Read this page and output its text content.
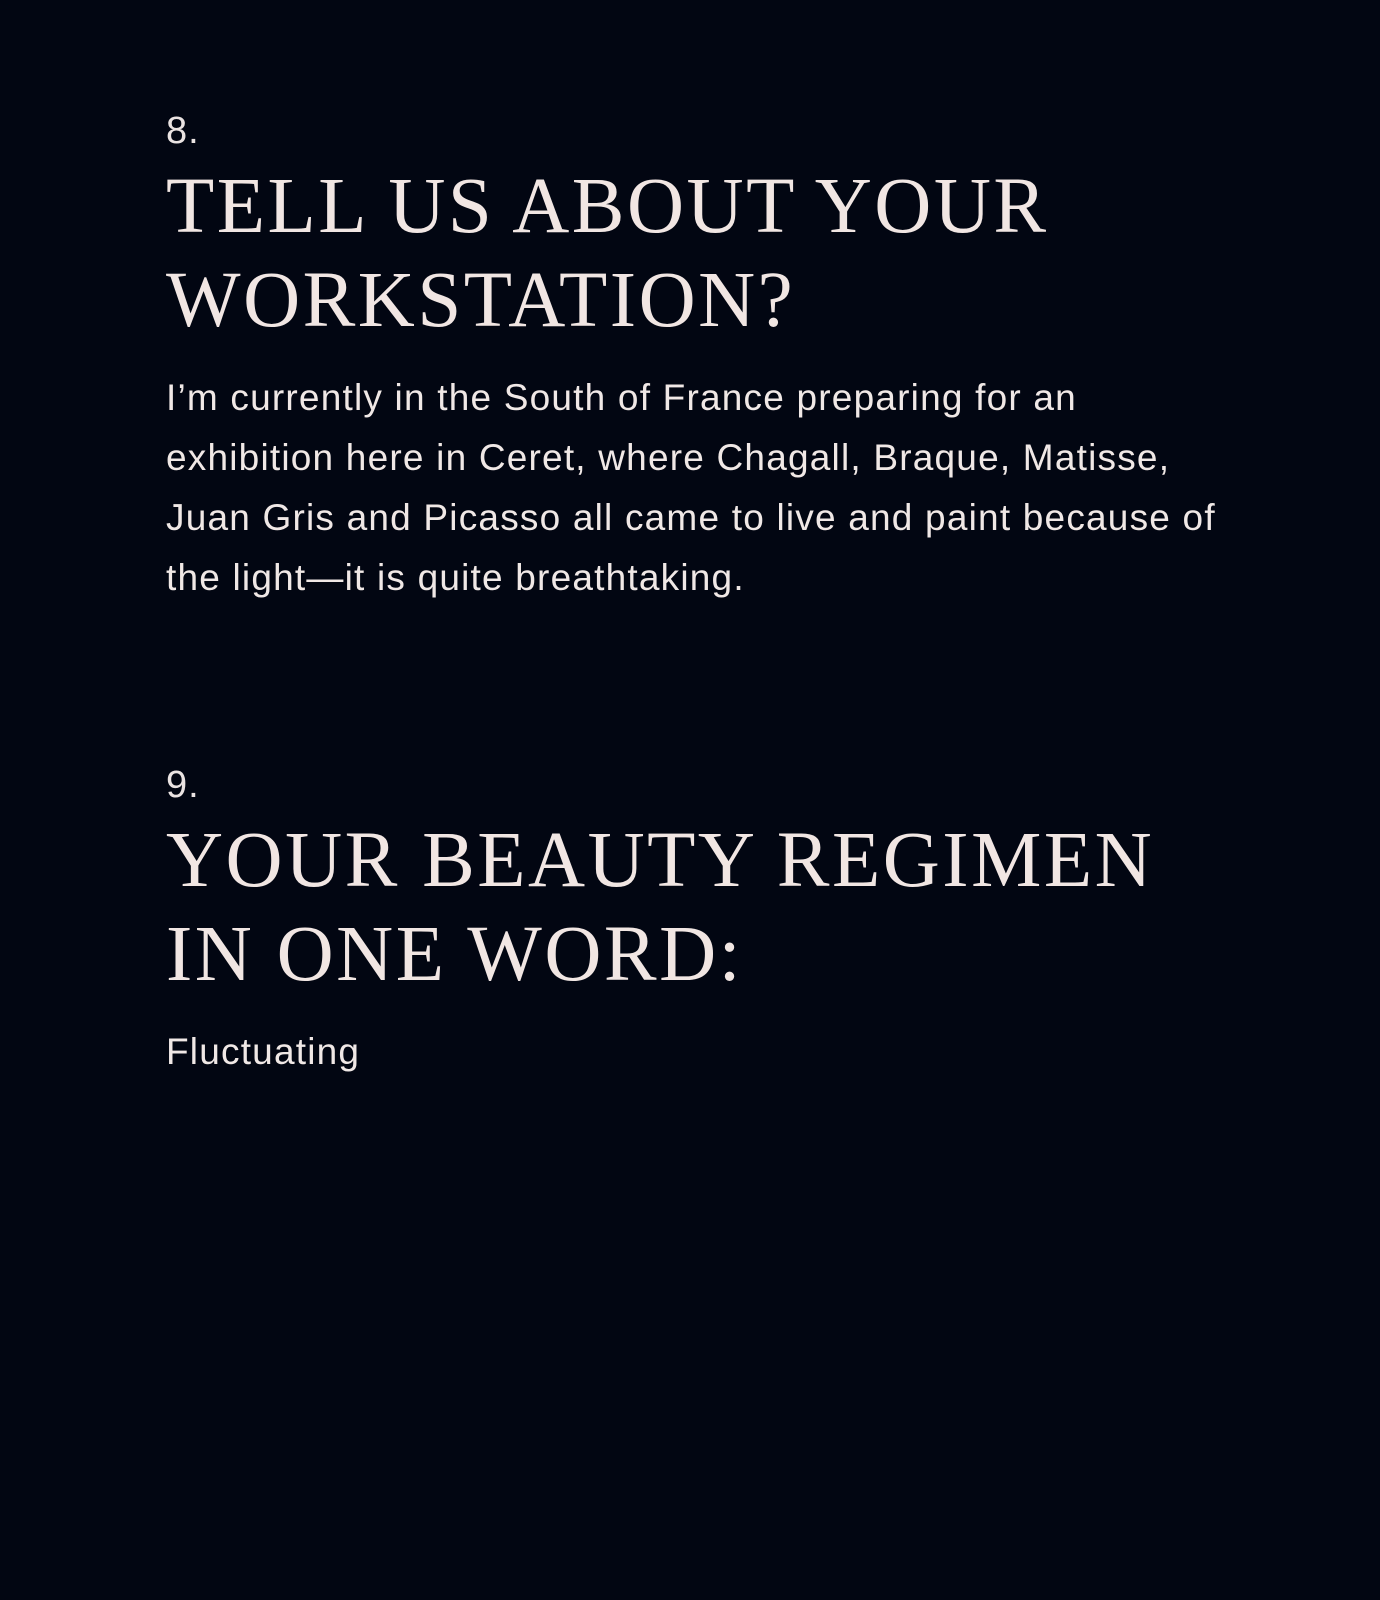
8.
TELL US ABOUT YOUR
WORKSTATION?

I’m currently in the South of France preparing for an exhibition here in Ceret, where Chagall, Braque, Matisse, Juan Gris and Picasso all came to live and paint because of the light—it is quite breathtaking.

9.
YOUR BEAUTY REGIMEN
IN ONE WORD:

Fluctuating
